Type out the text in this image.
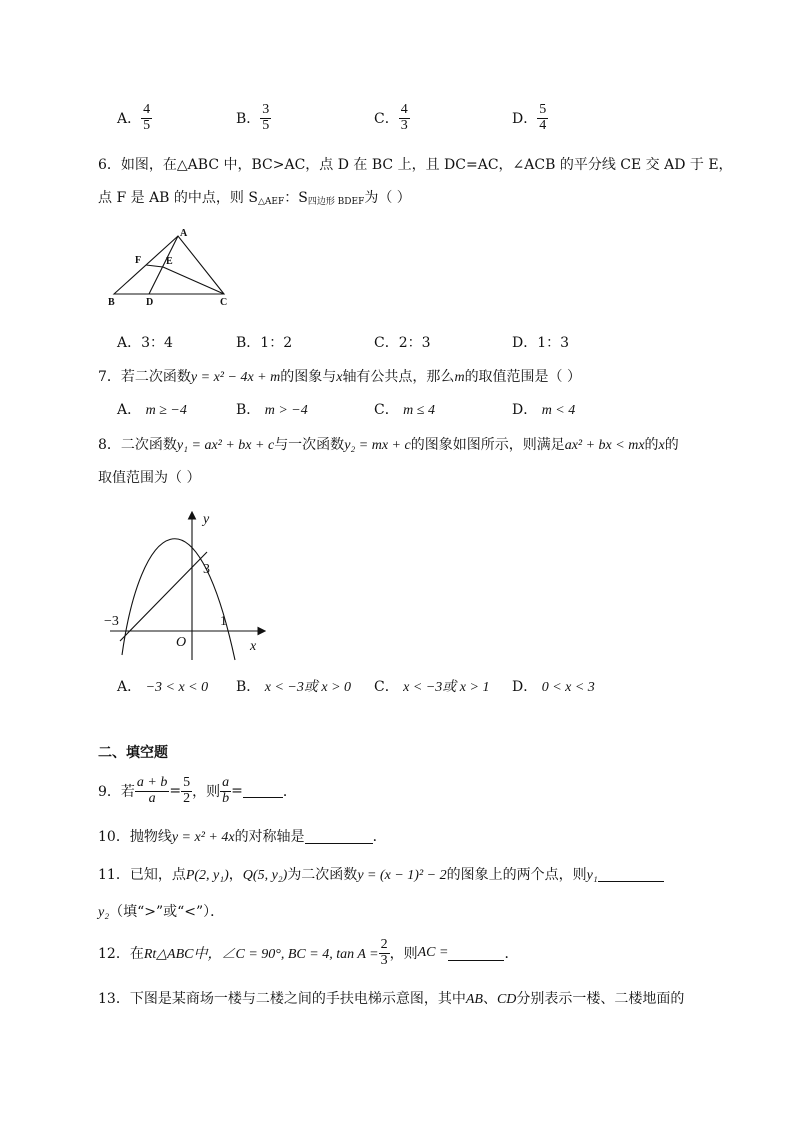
A． $\frac{4}{5}$	B． $\frac{3}{5}$	C． $\frac{4}{3}$	D． $\frac{5}{4}$
6．如图，在△ABC 中，BC>AC，点 D 在 BC 上，且 DC=AC，∠ACB 的平分线 CE 交 AD 于 E，
点 F 是 AB 的中点，则 $S_{\triangle AEF}$：$S_{四边形 BDEF}$为（ ）
A
B	C
D
E
F
A．3：4	B．1：2	C．2：3	D．1：3
7．若二次函数y = x² − 4x + m的图象与x轴有公共点，那么m的取值范围是（ ）
A． m ≥ −4	B． m > −4	C． m ≤ 4	D． m < 4
8．二次函数y₁ = ax² + bx + c与一次函数y₂ = mx + c的图象如图所示，则满足ax² + bx < mx的x的
取值范围为（ ）
y
x
O
3
−3	1
A． −3 < x < 0 B． x < −3或 x > 0 C． x < −3或 x > 1 D． 0 < x < 3
二、填空题
9．若 $\frac{a + b}{a} = \frac{5}{2}$ ，则 $\frac{a}{b}$ =	．
10．抛物线y = x² + 4x的对称轴是	．
11．已知，点P(2, y₁)，Q(5, y₂)为二次函数y = (x − 1)² − 2的图象上的两个点，则y₁
y₂（填“>”或“<”）．
12．在Rt△ABC中，∠C = 90°, BC = 4, $\tan A = \frac{2}{3}$ ，则AC =	．
13．下图是某商场一楼与二楼之间的手扶电梯示意图，其中AB、CD分别表示一楼、二楼地面的
